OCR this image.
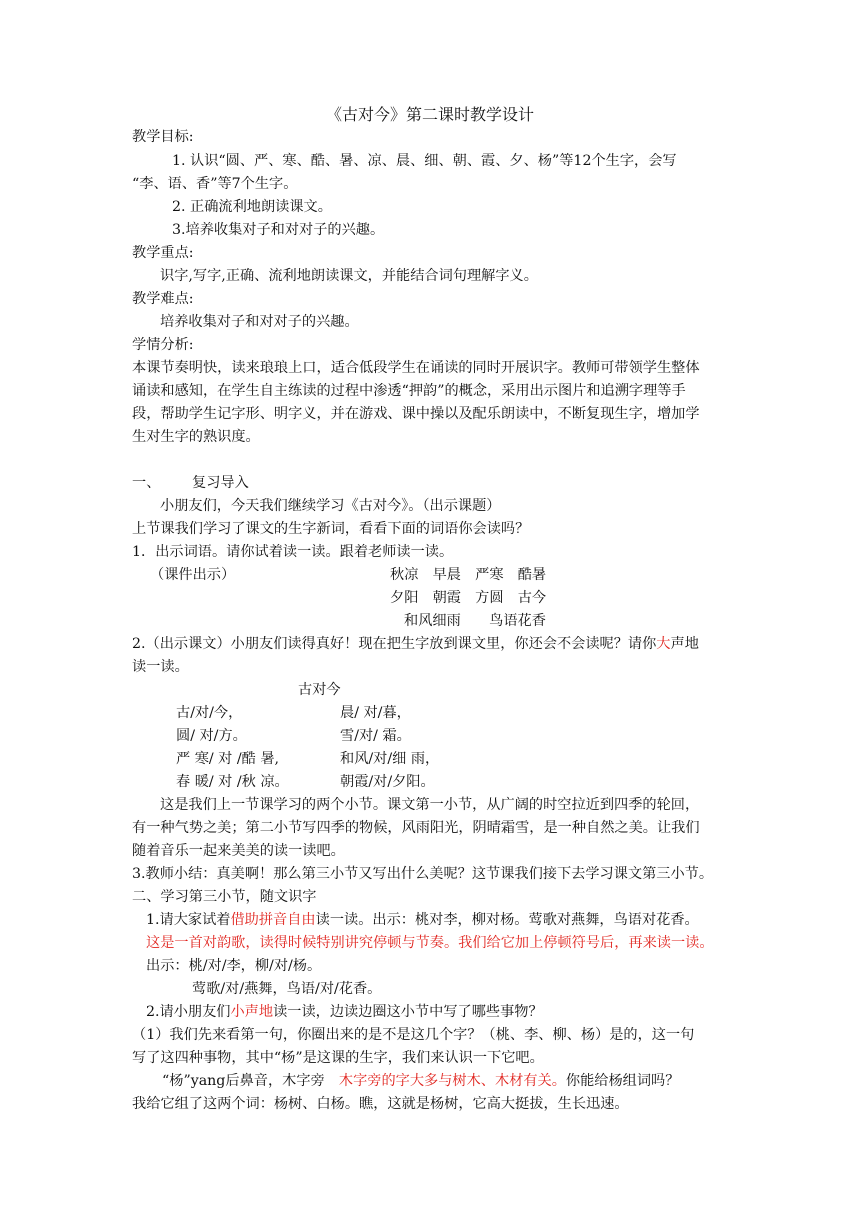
《古对今》第二课时教学设计
教学目标:
1. 认识“圆、严、寒、酷、暑、凉、晨、细、朝、霞、夕、杨”等12个生字，会写
“李、语、香”等7个生字。
2. 正确流利地朗读课文。
3.培养收集对子和对对子的兴趣。
教学重点:
识字,写字,正确、流利地朗读课文，并能结合词句理解字义。
教学难点:
培养收集对子和对对子的兴趣。
学情分析:
本课节奏明快，读来琅琅上口，适合低段学生在诵读的同时开展识字。教师可带领学生整体
诵读和感知，在学生自主练读的过程中渗透“押韵”的概念，采用出示图片和追溯字理等手
段，帮助学生记字形、明字义，并在游戏、课中操以及配乐朗读中，不断复现生字，增加学
生对生字的熟识度。
一、 复习导入
小朋友们，今天我们继续学习《古对今》。（出示课题）
上节课我们学习了课文的生字新词，看看下面的词语你会读吗？
1．出示词语。请你试着读一读。跟着老师读一读。
（课件出示）	秋凉　早晨　严寒　酷暑
夕阳　朝霞　方圆　古今
和风细雨　　鸟语花香
2.（出示课文）小朋友们读得真好！现在把生字放到课文里，你还会不会读呢？请你大声地
读一读。
古对今
古/对/今，	晨/ 对/暮，
圆/ 对/方。	雪/对/ 霜。
严 寒/ 对 /酷 暑,	和风/对/细 雨，
春 暖/ 对 /秋 凉。	朝霞/对/夕阳。
这是我们上一节课学习的两个小节。课文第一小节，从广阔的时空拉近到四季的轮回，
有一种气势之美；第二小节写四季的物候，风雨阳光，阴晴霜雪，是一种自然之美。让我们
随着音乐一起来美美的读一读吧。
3.教师小结：真美啊！那么第三小节又写出什么美呢？这节课我们接下去学习课文第三小节。
二、学习第三小节，随文识字
1.请大家试着借助拼音自由读一读。出示：桃对李，柳对杨。莺歌对燕舞，鸟语对花香。
这是一首对韵歌，读得时候特别讲究停顿与节奏。我们给它加上停顿符号后，再来读一读。
出示：桃/对/李，柳/对/杨。
莺歌/对/燕舞，鸟语/对/花香。
2.请小朋友们小声地读一读，边读边圈这小节中写了哪些事物？
（1）我们先来看第一句，你圈出来的是不是这几个字？（桃、李、柳、杨）是的，这一句
写了这四种事物，其中“杨”是这课的生字，我们来认识一下它吧。
“杨”yang后鼻音，木字旁　木字旁的字大多与树木、木材有关。你能给杨组词吗？
我给它组了这两个词：杨树、白杨。瞧，这就是杨树，它高大挺拔，生长迅速。
